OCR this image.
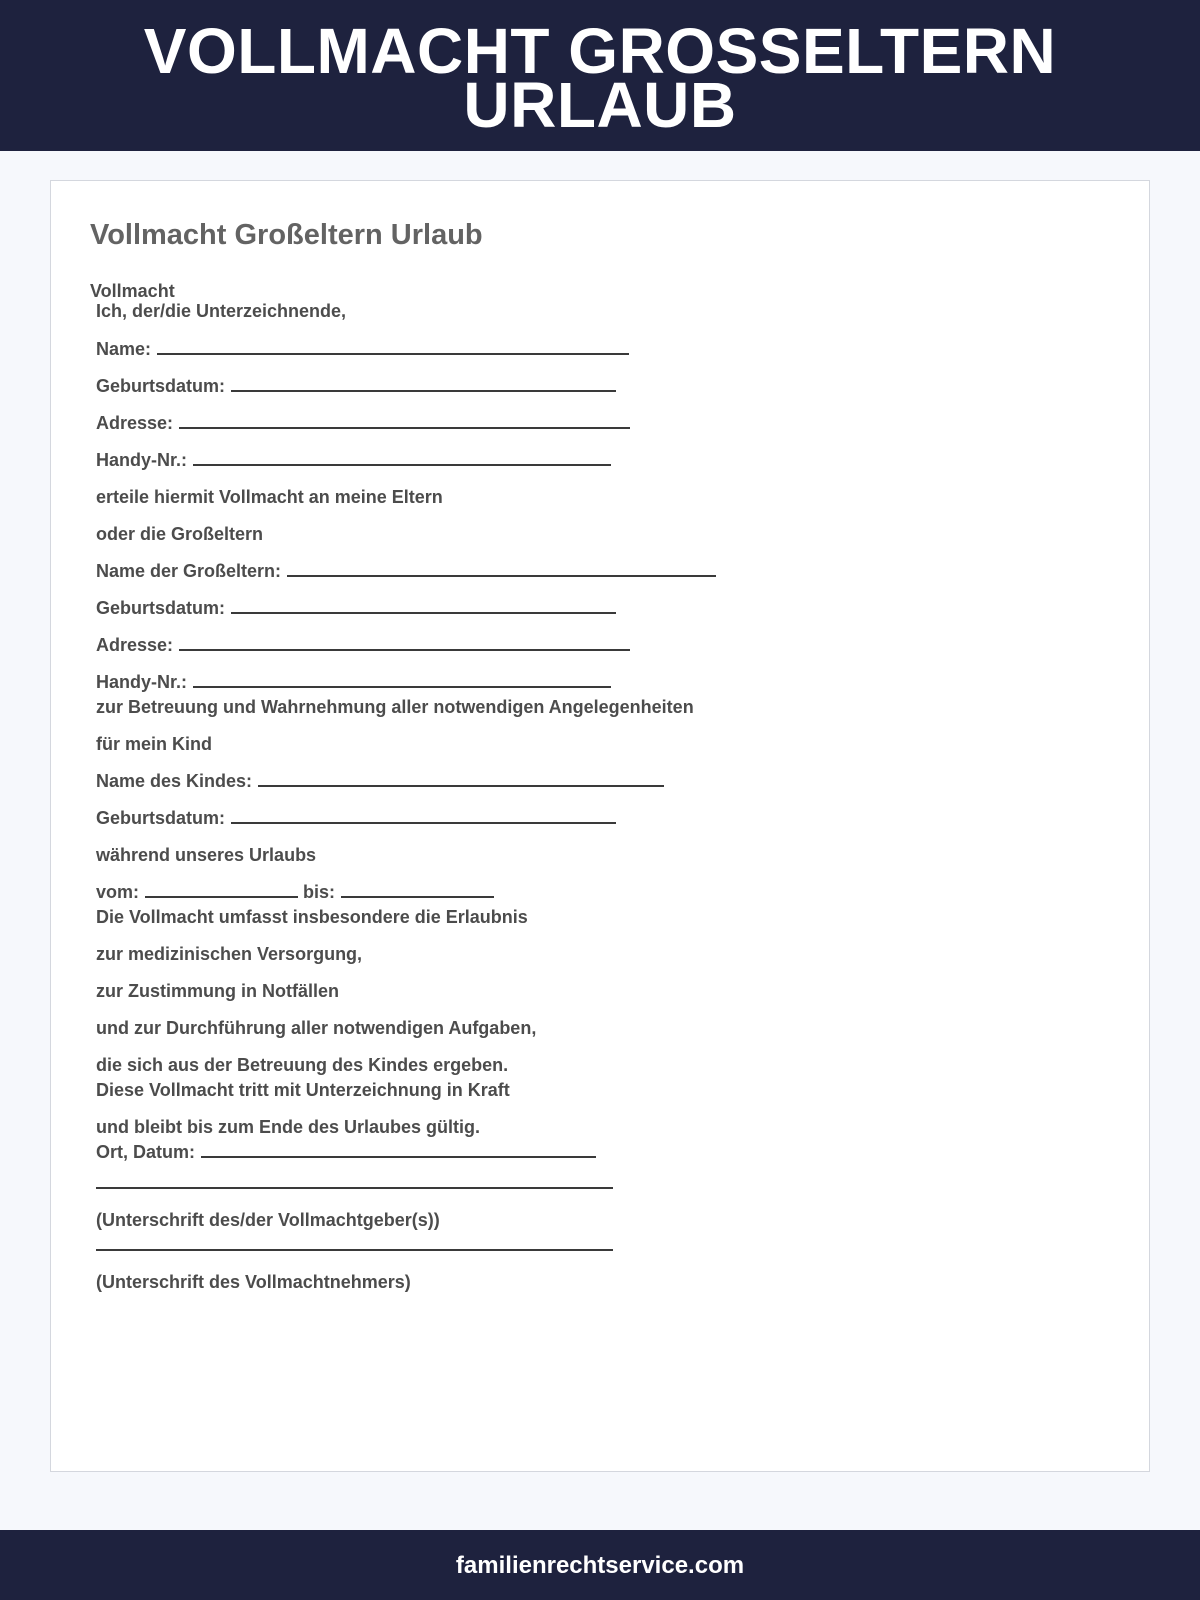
VOLLMACHT GROSSELTERN
URLAUB
Vollmacht Großeltern Urlaub
Vollmacht
Ich, der/die Unterzeichnende,
Name:
Geburtsdatum:
Adresse:
Handy-Nr.:
erteile hiermit Vollmacht an meine Eltern
oder die Großeltern
Name der Großeltern:
Geburtsdatum:
Adresse:
Handy-Nr.:
zur Betreuung und Wahrnehmung aller notwendigen Angelegenheiten
für mein Kind
Name des Kindes:
Geburtsdatum:
während unseres Urlaubs
vom:	bis:
Die Vollmacht umfasst insbesondere die Erlaubnis
zur medizinischen Versorgung,
zur Zustimmung in Notfällen
und zur Durchführung aller notwendigen Aufgaben,
die sich aus der Betreuung des Kindes ergeben.
Diese Vollmacht tritt mit Unterzeichnung in Kraft
und bleibt bis zum Ende des Urlaubes gültig.
Ort, Datum:
(Unterschrift des/der Vollmachtgeber(s))
(Unterschrift des Vollmachtnehmers)
familienrechtservice.com
